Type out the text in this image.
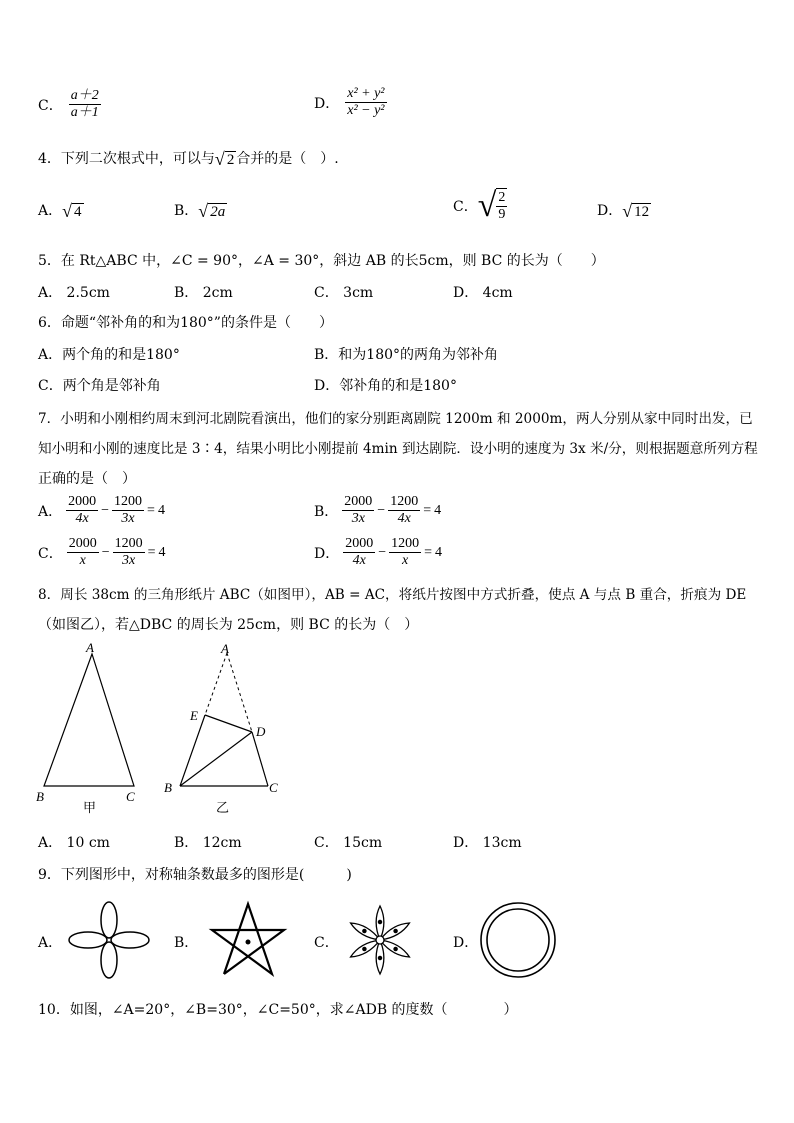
C． $\frac{a+2}{a+1}$	D． $\frac{\text{x² + y²}}{\text{x² − y²}}$
4．下列二次根式中，可以与 √ 2 合并的是（　）.
A． √ 4	B． √ 2a	C． √ $\frac{2}{9}$	D． √ 12
5．在 Rt△ABC 中，∠C = 90°，∠A = 30°，斜边 AB 的长5cm，则 BC 的长为（　　）
A． 2.5cm	B． 2cm	C． 3cm	D． 4cm
6．命题“邻补角的和为180°”的条件是（　　）
A．两个角的和是180°	B．和为180°的两角为邻补角
C．两个角是邻补角	D．邻补角的和是180°
7．小明和小刚相约周末到河北剧院看演出，他们的家分别距离剧院 1200m 和 2000m，两人分别从家中同时出发，已
知小明和小刚的速度比是 3∶4，结果小明比小刚提前 4min 到达剧院．设小明的速度为 3x 米/分，则根据题意所列方程
正确的是（　）
A． $\frac{2000}{4x} - \frac{1200}{3x} = 4$	B． $\frac{2000}{3x} - \frac{1200}{4x} = 4$
C． $\frac{2000}{x} - \frac{1200}{3x} = 4$	D． $\frac{2000}{4x} - \frac{1200}{x} = 4$
8．周长 38cm 的三角形纸片 ABC（如图甲），AB = AC，将纸片按图中方式折叠，使点 A 与点 B 重合，折痕为 DE
（如图乙），若△DBC 的周长为 25cm，则 BC 的长为（　）
A
B	C
甲
A
E
D
B	C
乙
A． 10 cm	B． 12cm	C． 15cm	D． 13cm
9．下列图形中，对称轴条数最多的图形是(　　　)
A．	B．	C．	D．
10．如图，∠A=20°，∠B=30°，∠C=50°，求∠ADB 的度数（　　　　）
